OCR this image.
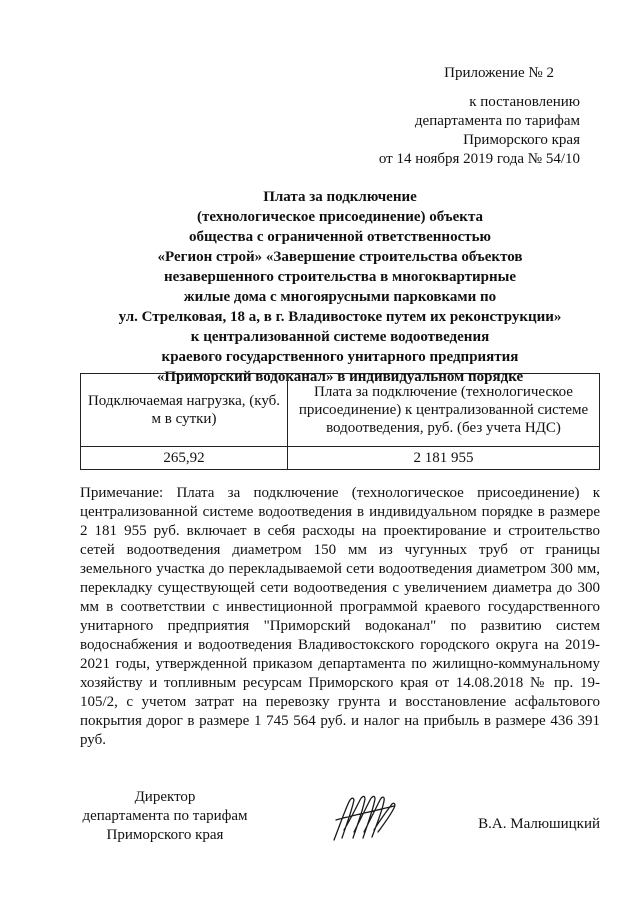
Приложение № 2
к постановлению
департамента по тарифам
Приморского края
от 14 ноября 2019 года № 54/10
Плата за подключение
(технологическое присоединение) объекта
общества с ограниченной ответственностью
«Регион строй» «Завершение строительства объектов
незавершенного строительства в многоквартирные
жилые дома с многоярусными парковками по
ул. Стрелковая, 18 а, в г. Владивостоке путем их реконструкции»
к централизованной системе водоотведения
краевого государственного унитарного предприятия
«Приморский водоканал» в индивидуальном порядке
Подключаемая нагрузка, (куб. м в сутки)	Плата за подключение (технологическое присоединение) к централизованной системе водоотведения, руб. (без учета НДС)
265,92	2 181 955
Примечание: Плата за подключение (технологическое присоединение) к централизованной системе водоотведения в индивидуальном порядке в размере 2 181 955 руб. включает в себя расходы на проектирование и строительство сетей водоотведения диаметром 150 мм из чугунных труб от границы земельного участка до перекладываемой сети водоотведения диаметром 300 мм, перекладку существующей сети водоотведения с увеличением диаметра до 300 мм в соответствии с инвестиционной программой краевого государственного унитарного предприятия "Приморский водоканал" по развитию систем водоснабжения и водоотведения Владивостокского городского округа на 2019-2021 годы, утвержденной приказом департамента по жилищно-коммунальному хозяйству и топливным ресурсам Приморского края от 14.08.2018 № пр. 19-105/2, с учетом затрат на перевозку грунта и восстановление асфальтового покрытия дорог в размере 1 745 564 руб. и налог на прибыль в размере 436 391 руб.
Директор
департамента по тарифам
Приморского края
В.А. Малюшицкий
